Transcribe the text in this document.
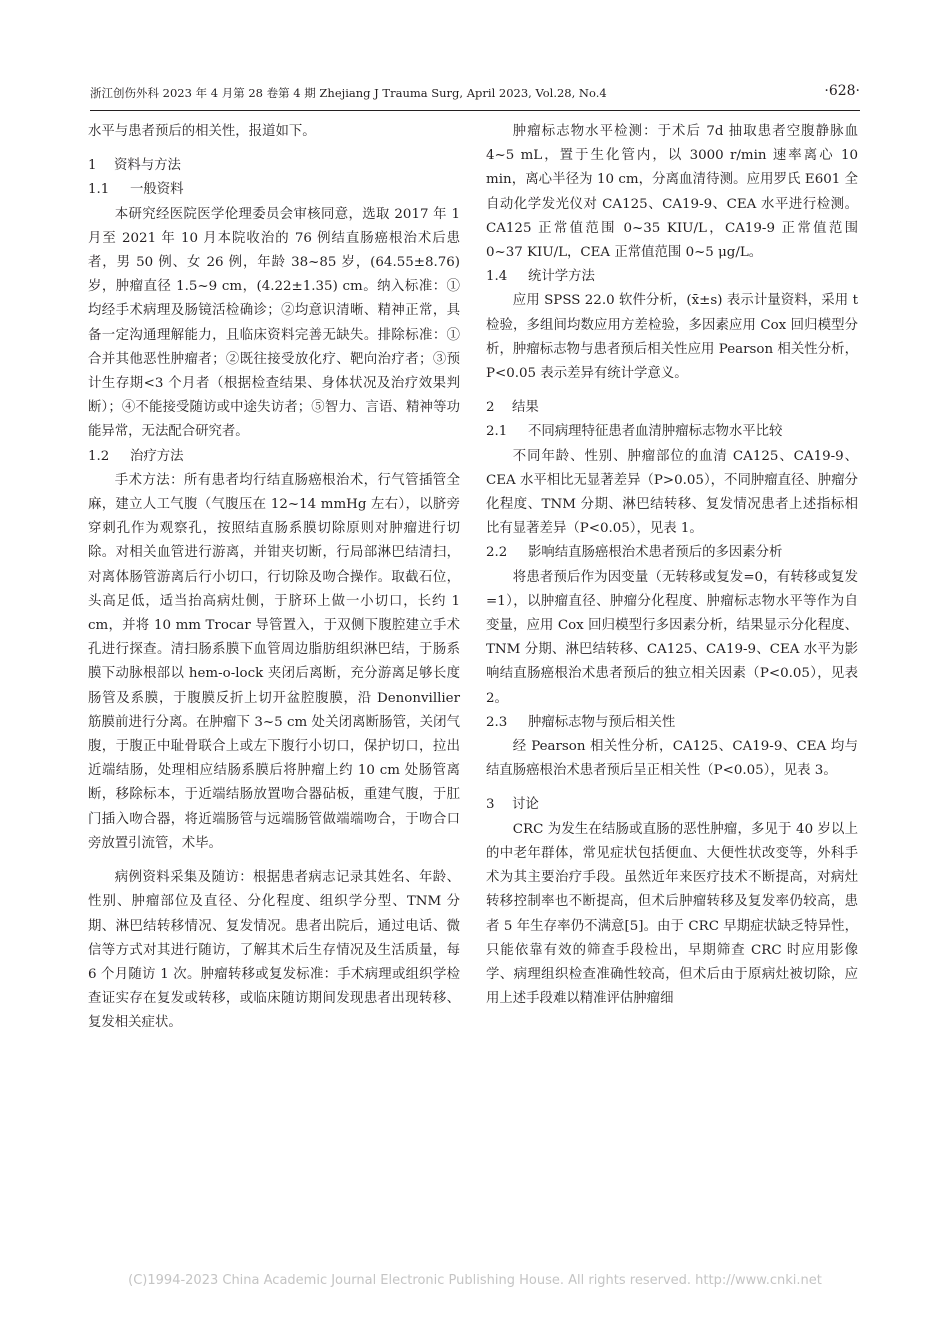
浙江创伤外科 2023 年 4 月第 28 卷第 4 期 Zhejiang J Trauma Surg, April 2023, Vol.28, No.4	·628·

水平与患者预后的相关性，报道如下。

1 资料与方法

1.1 一般资料

本研究经医院医学伦理委员会审核同意，选取 2017 年 1 月至 2021 年 10 月本院收治的 76 例结直肠癌根治术后患者，男 50 例、女 26 例，年龄 38~85 岁，(64.55±8.76) 岁，肿瘤直径 1.5~9 cm，(4.22±1.35) cm。纳入标准：①均经手术病理及肠镜活检确诊；②均意识清晰、精神正常，具备一定沟通理解能力，且临床资料完善无缺失。排除标准：①合并其他恶性肿瘤者；②既往接受放化疗、靶向治疗者；③预计生存期<3 个月者（根据检查结果、身体状况及治疗效果判断）；④不能接受随访或中途失访者；⑤智力、言语、精神等功能异常，无法配合研究者。

1.2 治疗方法

手术方法：所有患者均行结直肠癌根治术，行气管插管全麻，建立人工气腹（气腹压在 12~14 mmHg 左右），以脐旁穿刺孔作为观察孔，按照结直肠系膜切除原则对肿瘤进行切除。对相关血管进行游离，并钳夹切断，行局部淋巴结清扫，对离体肠管游离后行小切口，行切除及吻合操作。取截石位，头高足低，适当抬高病灶侧，于脐环上做一小切口，长约 1 cm，并将 10 mm Trocar 导管置入，于双侧下腹腔建立手术孔进行探查。清扫肠系膜下血管周边脂肪组织淋巴结，于肠系膜下动脉根部以 hem-o-lock 夹闭后离断，充分游离足够长度肠管及系膜，于腹膜反折上切开盆腔腹膜，沿 Denonvillier 筋膜前进行分离。在肿瘤下 3~5 cm 处关闭离断肠管，关闭气腹，于腹正中耻骨联合上或左下腹行小切口，保护切口，拉出近端结肠，处理相应结肠系膜后将肿瘤上约 10 cm 处肠管离断，移除标本，于近端结肠放置吻合器砧板，重建气腹，于肛门插入吻合器，将近端肠管与远端肠管做端端吻合，于吻合口旁放置引流管，术毕。

病例资料采集及随访：根据患者病志记录其姓名、年龄、性别、肿瘤部位及直径、分化程度、组织学分型、TNM 分期、淋巴结转移情况、复发情况。患者出院后，通过电话、微信等方式对其进行随访，了解其术后生存情况及生活质量，每 6 个月随访 1 次。肿瘤转移或复发标准：手术病理或组织学检查证实存在复发或转移，或临床随访期间发现患者出现转移、复发相关症状。

肿瘤标志物水平检测：于术后 7d 抽取患者空腹静脉血 4~5 mL，置于生化管内，以 3000 r/min 速率离心 10 min，离心半径为 10 cm，分离血清待测。应用罗氏 E601 全自动化学发光仪对 CA125、CA19-9、CEA 水平进行检测。CA125 正常值范围 0~35 KIU/L，CA19-9 正常值范围 0~37 KIU/L，CEA 正常值范围 0~5 μg/L。

1.4 统计学方法

应用 SPSS 22.0 软件分析，(x̄±s) 表示计量资料，采用 t 检验，多组间均数应用方差检验，多因素应用 Cox 回归模型分析，肿瘤标志物与患者预后相关性应用 Pearson 相关性分析，P<0.05 表示差异有统计学意义。

2 结果

2.1 不同病理特征患者血清肿瘤标志物水平比较

不同年龄、性别、肿瘤部位的血清 CA125、CA19-9、CEA 水平相比无显著差异（P>0.05），不同肿瘤直径、肿瘤分化程度、TNM 分期、淋巴结转移、复发情况患者上述指标相比有显著差异（P<0.05），见表 1。

2.2 影响结直肠癌根治术患者预后的多因素分析

将患者预后作为因变量（无转移或复发=0，有转移或复发=1），以肿瘤直径、肿瘤分化程度、肿瘤标志物水平等作为自变量，应用 Cox 回归模型行多因素分析，结果显示分化程度、TNM 分期、淋巴结转移、CA125、CA19-9、CEA 水平为影响结直肠癌根治术患者预后的独立相关因素（P<0.05），见表 2。

2.3 肿瘤标志物与预后相关性

经 Pearson 相关性分析，CA125、CA19-9、CEA 均与结直肠癌根治术患者预后呈正相关性（P<0.05），见表 3。

3 讨论

CRC 为发生在结肠或直肠的恶性肿瘤，多见于 40 岁以上的中老年群体，常见症状包括便血、大便性状改变等，外科手术为其主要治疗手段。虽然近年来医疗技术不断提高，对病灶转移控制率也不断提高，但术后肿瘤转移及复发率仍较高，患者 5 年生存率仍不满意[5]。由于 CRC 早期症状缺乏特异性，只能依靠有效的筛查手段检出，早期筛查 CRC 时应用影像学、病理组织检查准确性较高，但术后由于原病灶被切除，应用上述手段难以精准评估肿瘤细

(C)1994-2023 China Academic Journal Electronic Publishing House. All rights reserved. http://www.cnki.net
